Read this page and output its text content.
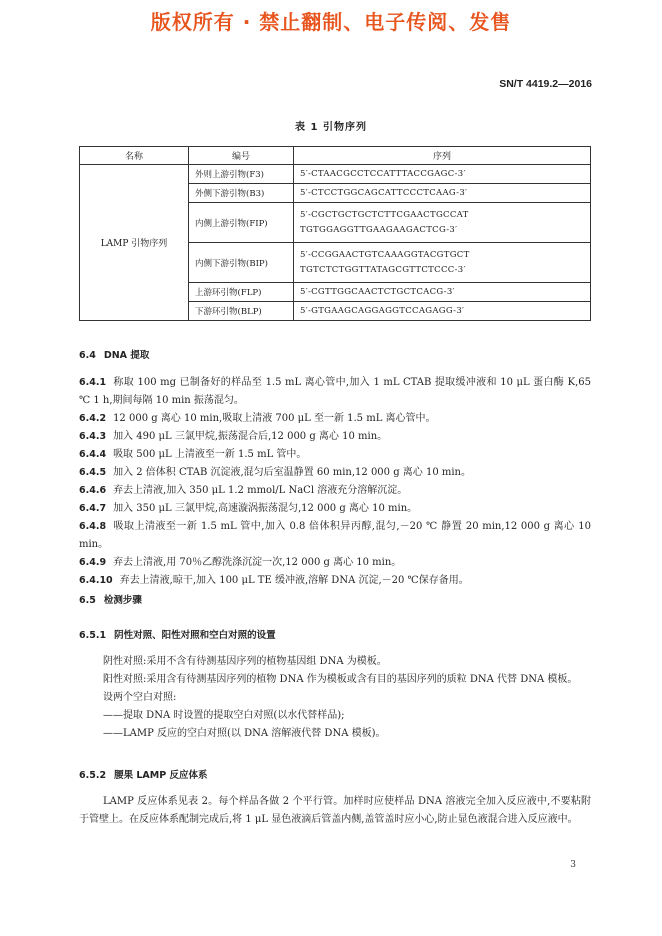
版权所有 · 禁止翻制、电子传阅、发售
SN/T 4419.2—2016
表 1 引物序列
名称	编号	序列
LAMP 引物序列	外则上游引物(F3)	5′-CTAACGCCTCCATTTACCGAGC-3′
	外侧下游引物(B3)	5′-CTCCTGGCAGCATTCCCTCAAG-3′
	内侧上游引物(FIP)	5′-CGCTGCTGCTCTTCGAACTGCCAT
TGTGGAGGTTGAAGAAGACTCG-3′

	内侧下游引物(BIP)	5′-CCGGAACTGTCAAAGGTACGTGCT
TGTCTCTGGTTATAGCGTTCTCCC-3′

	上游环引物(FLP)	5′-CGTTGGCAACTCTGCTCACG-3′
	下游环引物(BLP)	5′-GTGAAGCAGGAGGTCCAGAGG-3′
6.4 DNA 提取
6.4.1 称取 100 mg 已制备好的样品至 1.5 mL 离心管中,加入 1 mL CTAB 提取缓冲液和 10 μL 蛋白酶 K,65 ℃ 1 h,期间每隔 10 min 振荡混匀。
6.4.2 12 000 g 离心 10 min,吸取上清液 700 μL 至一新 1.5 mL 离心管中。
6.4.3 加入 490 μL 三氯甲烷,振荡混合后,12 000 g 离心 10 min。
6.4.4 吸取 500 μL 上清液至一新 1.5 mL 管中。
6.4.5 加入 2 倍体积 CTAB 沉淀液,混匀后室温静置 60 min,12 000 g 离心 10 min。
6.4.6 弃去上清液,加入 350 μL 1.2 mmol/L NaCl 溶液充分溶解沉淀。
6.4.7 加入 350 μL 三氯甲烷,高速漩涡振荡混匀,12 000 g 离心 10 min。
6.4.8 吸取上清液至一新 1.5 mL 管中,加入 0.8 倍体积异丙醇,混匀,－20 ℃ 静置 20 min,12 000 g 离心 10 min。
6.4.9 弃去上清液,用 70％乙醇洗涤沉淀一次,12 000 g 离心 10 min。
6.4.10 弃去上清液,晾干,加入 100 μL TE 缓冲液,溶解 DNA 沉淀,－20 ℃保存备用。
6.5 检测步骤
6.5.1 阴性对照、阳性对照和空白对照的设置
阴性对照:采用不含有待测基因序列的植物基因组 DNA 为模板。
阳性对照:采用含有待测基因序列的植物 DNA 作为模板或含有目的基因序列的质粒 DNA 代替 DNA 模板。
设两个空白对照:
——提取 DNA 时设置的提取空白对照(以水代替样品);
——LAMP 反应的空白对照(以 DNA 溶解液代替 DNA 模板)。
6.5.2 腰果 LAMP 反应体系
LAMP 反应体系见表 2。每个样品各做 2 个平行管。加样时应使样品 DNA 溶液完全加入反应液中,不要粘附于管壁上。在反应体系配制完成后,将 1 μL 显色液滴后管盖内侧,盖管盖时应小心,防止显色液混合进入反应液中。
3
